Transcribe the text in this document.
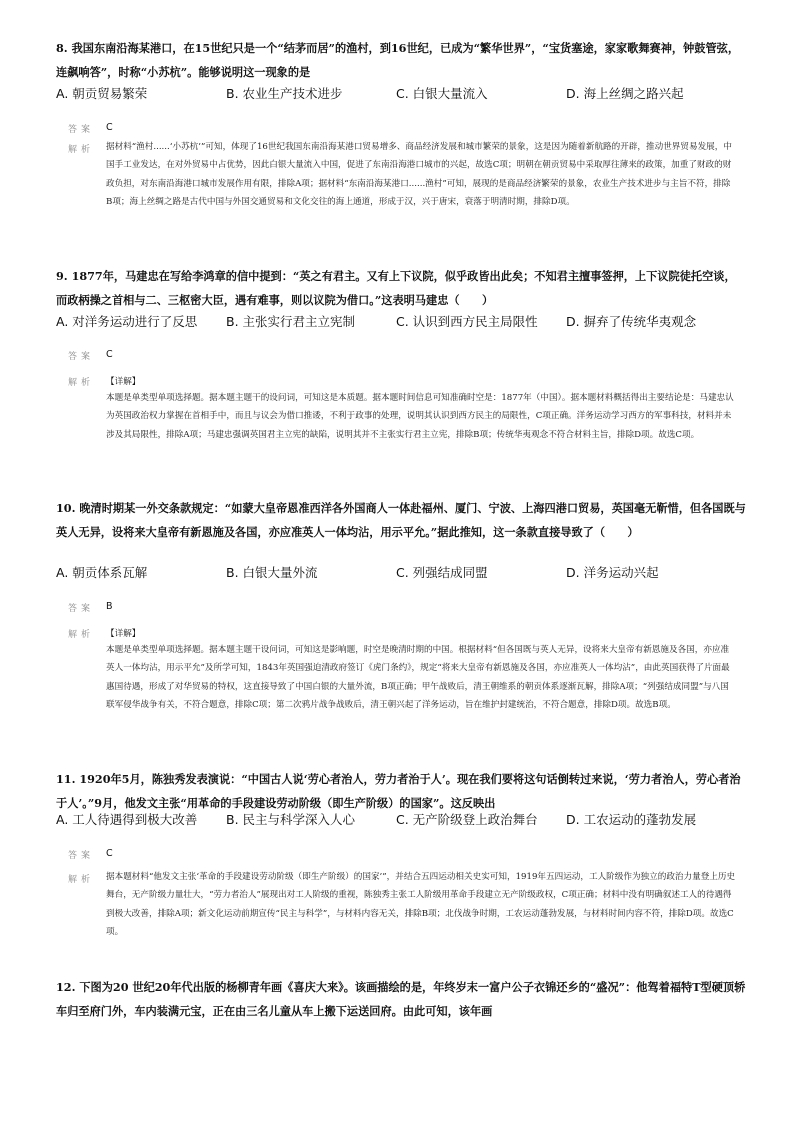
8. 我国东南沿海某港口，在15世纪只是一个“结茅而居”的渔村，到16世纪，已成为“繁华世界”，“宝货塞途，家家歌舞赛神，钟鼓管弦，连飙响答”，时称“小苏杭”。能够说明这一现象的是

A. 朝贡贸易繁荣	B. 农业生产技术进步	C. 白银大量流入	D. 海上丝绸之路兴起
答案 C
解析 据材料“渔村......‘小苏杭’”可知，体现了16世纪我国东南沿海某港口贸易增多、商品经济发展和城市繁荣的景象，这是因为随着新航路的开辟，推动世界贸易发展，中国手工业发达，在对外贸易中占优势，因此白银大量流入中国，促进了东南沿海港口城市的兴起，故选C项；明朝在朝贡贸易中采取厚往薄来的政策，加重了财政的财政负担，对东南沿海港口城市发展作用有限，排除A项；据材料“东南沿海某港口......渔村”可知，展现的是商品经济繁荣的景象，农业生产技术进步与主旨不符，排除B项；海上丝绸之路是古代中国与外国交通贸易和文化交往的海上通道，形成于汉，兴于唐宋，衰落于明清时期，排除D项。

9. 1877年，马建忠在写给李鸿章的信中提到：“英之有君主。又有上下议院，似乎政皆出此矣；不知君主擅事签押，上下议院徒托空谈，而政柄操之首相与二、三枢密大臣，遇有难事，则以议院为借口。”这表明马建忠（　　）

A. 对洋务运动进行了反思 B. 主张实行君主立宪制	C. 认识到西方民主局限性 D. 摒弃了传统华夷观念
答案 C
解析 【详解】

本题是单类型单项选择题。据本题主题干的设问词，可知这是本质题。据本题时间信息可知准确时空是：1877年（中国）。据本题材料概括得出主要结论是：马建忠认为英国政治权力掌握在首相手中，而且与议会为借口推诿，不利于政事的处理，说明其认识到西方民主的局限性，C项正确。洋务运动学习西方的军事科技，材料并未涉及其局限性，排除A项；马建忠强调英国君主立宪的缺陷，说明其并不主张实行君主立宪，排除B项；传统华夷观念不符合材料主旨，排除D项。故选C项。

10. 晚清时期某一外交条款规定：“如蒙大皇帝恩准西洋各外国商人一体赴福州、厦门、宁波、上海四港口贸易，英国毫无靳惜，但各国既与英人无异，设将来大皇帝有新恩施及各国，亦应准英人一体均沾，用示平允。”据此推知，这一条款直接导致了（　　）

A. 朝贡体系瓦解	B. 白银大量外流	C. 列强结成同盟	D. 洋务运动兴起
答案 B
解析 【详解】

本题是单类型单项选择题。据本题主题干设问词，可知这是影响题，时空是晚清时期的中国。根据材料“但各国既与英人无异，设将来大皇帝有新恩施及各国，亦应准英人一体均沾，用示平允”及所学可知，1843年英国强迫清政府签订《虎门条约》，规定“将来大皇帝有新恩施及各国，亦应准英人一体均沾”，由此英国获得了片面最惠国待遇，形成了对华贸易的特权，这直接导致了中国白银的大量外流，B项正确；甲午战败后，清王朝维系的朝贡体系逐渐瓦解，排除A项；“列强结成同盟”与八国联军侵华战争有关，不符合题意，排除C项；第二次鸦片战争战败后，清王朝兴起了洋务运动，旨在维护封建统治，不符合题意，排除D项。故选B项。

11. 1920年5月，陈独秀发表演说：“中国古人说‘劳心者治人，劳力者治于人’。现在我们要将这句话倒转过来说，‘劳力者治人，劳心者治于人’。”9月，他发文主张“用革命的手段建设劳动阶级（即生产阶级）的国家”。这反映出

A. 工人待遇得到极大改善 B. 民主与科学深入人心	C. 无产阶级登上政治舞台 D. 工农运动的蓬勃发展
答案 C
解析 据本题材料“他发文主张‘革命的手段建设劳动阶级（即生产阶级）的国家’”，并结合五四运动相关史实可知，1919年五四运动，工人阶级作为独立的政治力量登上历史舞台，无产阶级力量壮大，“劳力者治人”展现出对工人阶级的重视，陈独秀主张工人阶级用革命手段建立无产阶级政权，C项正确；材料中没有明确叙述工人的待遇得到极大改善，排除A项；新文化运动前期宣传“民主与科学”，与材料内容无关，排除B项；北伐战争时期，工农运动蓬勃发展，与材料时间内容不符，排除D项。故选C项。

12. 下图为20 世纪20年代出版的杨柳青年画《喜庆大来》。该画描绘的是，年终岁末一富户公子衣锦还乡的“盛况”：他驾着福特T型硬顶轿车归至府门外，车内装满元宝，正在由三名儿童从车上搬下运送回府。由此可知，该年画
